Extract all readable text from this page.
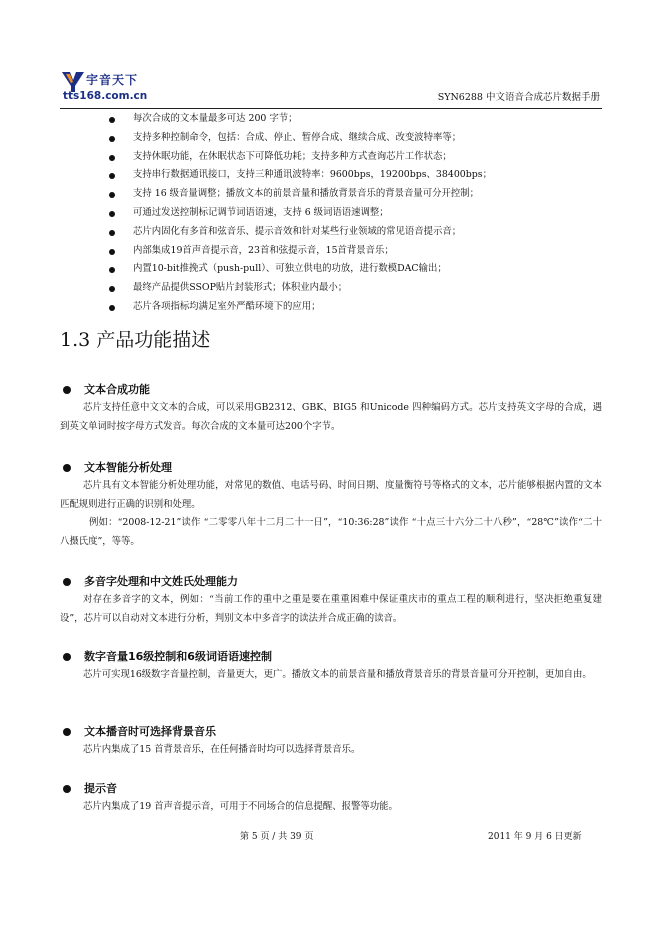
宇音天下
tts168.com.cn	SYN6288 中文语音合成芯片数据手册
每次合成的文本量最多可达 200 字节；
支持多种控制命令，包括：合成、停止、暂停合成、继续合成、改变波特率等；
支持休眠功能，在休眠状态下可降低功耗；支持多种方式查询芯片工作状态；
支持串行数据通讯接口，支持三种通讯波特率：9600bps，19200bps、38400bps；
支持 16 级音量调整；播放文本的前景音量和播放背景音乐的背景音量可分开控制；
可通过发送控制标记调节词语语速，支持 6 级词语语速调整；
芯片内固化有多首和弦音乐、提示音效和针对某些行业领域的常见语音提示音；
内部集成19首声音提示音，23首和弦提示音，15首背景音乐；
内置10-bit推挽式（push-pull）、可独立供电的功放，进行数模DAC输出；
最终产品提供SSOP贴片封装形式；体积业内最小；
芯片各项指标均满足室外严酷环境下的应用；
1.3 产品功能描述
文本合成功能

芯片支持任意中文文本的合成，可以采用GB2312、GBK、BIG5 和Unicode 四种编码方式。芯片支持英文字母的合成，遇到英文单词时按字母方式发音。每次合成的文本量可达200个字节。

文本智能分析处理

芯片具有文本智能分析处理功能，对常见的数值、电话号码、时间日期、度量衡符号等格式的文本，芯片能够根据内置的文本匹配规则进行正确的识别和处理。

例如：“2008-12-21”读作 “二零零八年十二月二十一日”，“10:36:28”读作 “十点三十六分二十八秒”，“28℃”读作“二十八摄氏度”，等等。

多音字处理和中文姓氏处理能力

对存在多音字的文本，例如：“当前工作的重中之重是要在重重困难中保证重庆市的重点工程的顺利进行，坚决拒绝重复建设”，芯片可以自动对文本进行分析，判别文本中多音字的读法并合成正确的读音。

数字音量16级控制和6级词语语速控制

芯片可实现16级数字音量控制，音量更大，更广。播放文本的前景音量和播放背景音乐的背景音量可分开控制，更加自由。

文本播音时可选择背景音乐

芯片内集成了15 首背景音乐，在任何播音时均可以选择背景音乐。

提示音

芯片内集成了19 首声音提示音，可用于不同场合的信息提醒、报警等功能。

第 5 页 / 共 39 页	2011 年 9 月 6 日更新
